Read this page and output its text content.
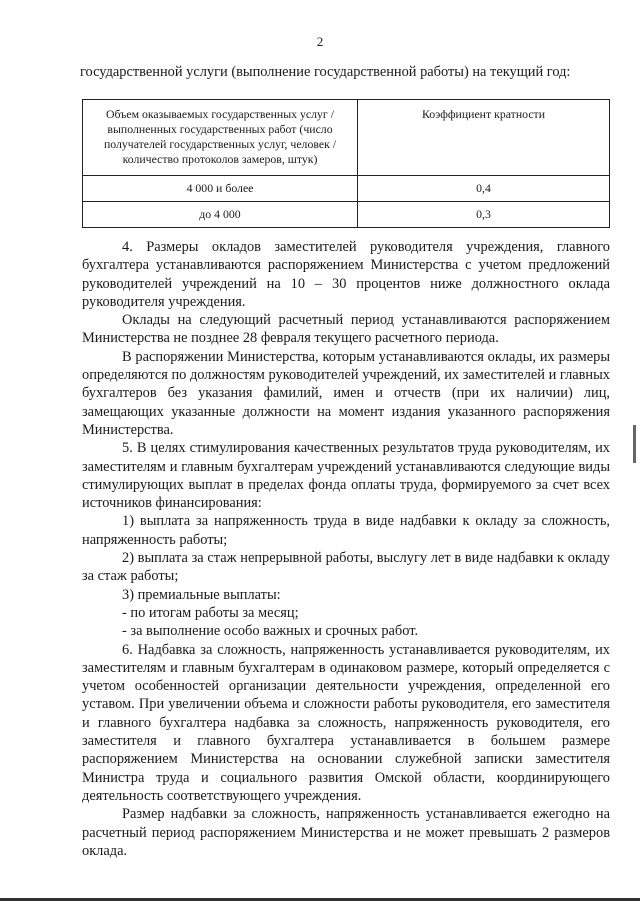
2
государственной услуги (выполнение государственной работы) на текущий год:
Объем оказываемых государственных услуг / выполненных государственных работ (число получателей государственных услуг, человек / количество протоколов замеров, штук)	Коэффициент кратности
4 000 и более	0,4
до 4 000	0,3

4. Размеры окладов заместителей руководителя учреждения, главного бухгалтера устанавливаются распоряжением Министерства с учетом предложений руководителей учреждений на 10 – 30 процентов ниже должностного оклада руководителя учреждения.

Оклады на следующий расчетный период устанавливаются распоряжением Министерства не позднее 28 февраля текущего расчетного периода.

В распоряжении Министерства, которым устанавливаются оклады, их размеры определяются по должностям руководителей учреждений, их заместителей и главных бухгалтеров без указания фамилий, имен и отчеств (при их наличии) лиц, замещающих указанные должности на момент издания указанного распоряжения Министерства.

5. В целях стимулирования качественных результатов труда руководителям, их заместителям и главным бухгалтерам учреждений устанавливаются следующие виды стимулирующих выплат в пределах фонда оплаты труда, формируемого за счет всех источников финансирования:

1) выплата за напряженность труда в виде надбавки к окладу за сложность, напряженность работы;

2) выплата за стаж непрерывной работы, выслугу лет в виде надбавки к окладу за стаж работы;

3) премиальные выплаты:

- по итогам работы за месяц;

- за выполнение особо важных и срочных работ.

6. Надбавка за сложность, напряженность устанавливается руководителям, их заместителям и главным бухгалтерам в одинаковом размере, который определяется с учетом особенностей организации деятельности учреждения, определенной его уставом. При увеличении объема и сложности работы руководителя, его заместителя и главного бухгалтера надбавка за сложность, напряженность руководителя, его заместителя и главного бухгалтера устанавливается в большем размере распоряжением Министерства на основании служебной записки заместителя Министра труда и социального развития Омской области, координирующего деятельность соответствующего учреждения.

Размер надбавки за сложность, напряженность устанавливается ежегодно на расчетный период распоряжением Министерства и не может превышать 2 размеров оклада.
